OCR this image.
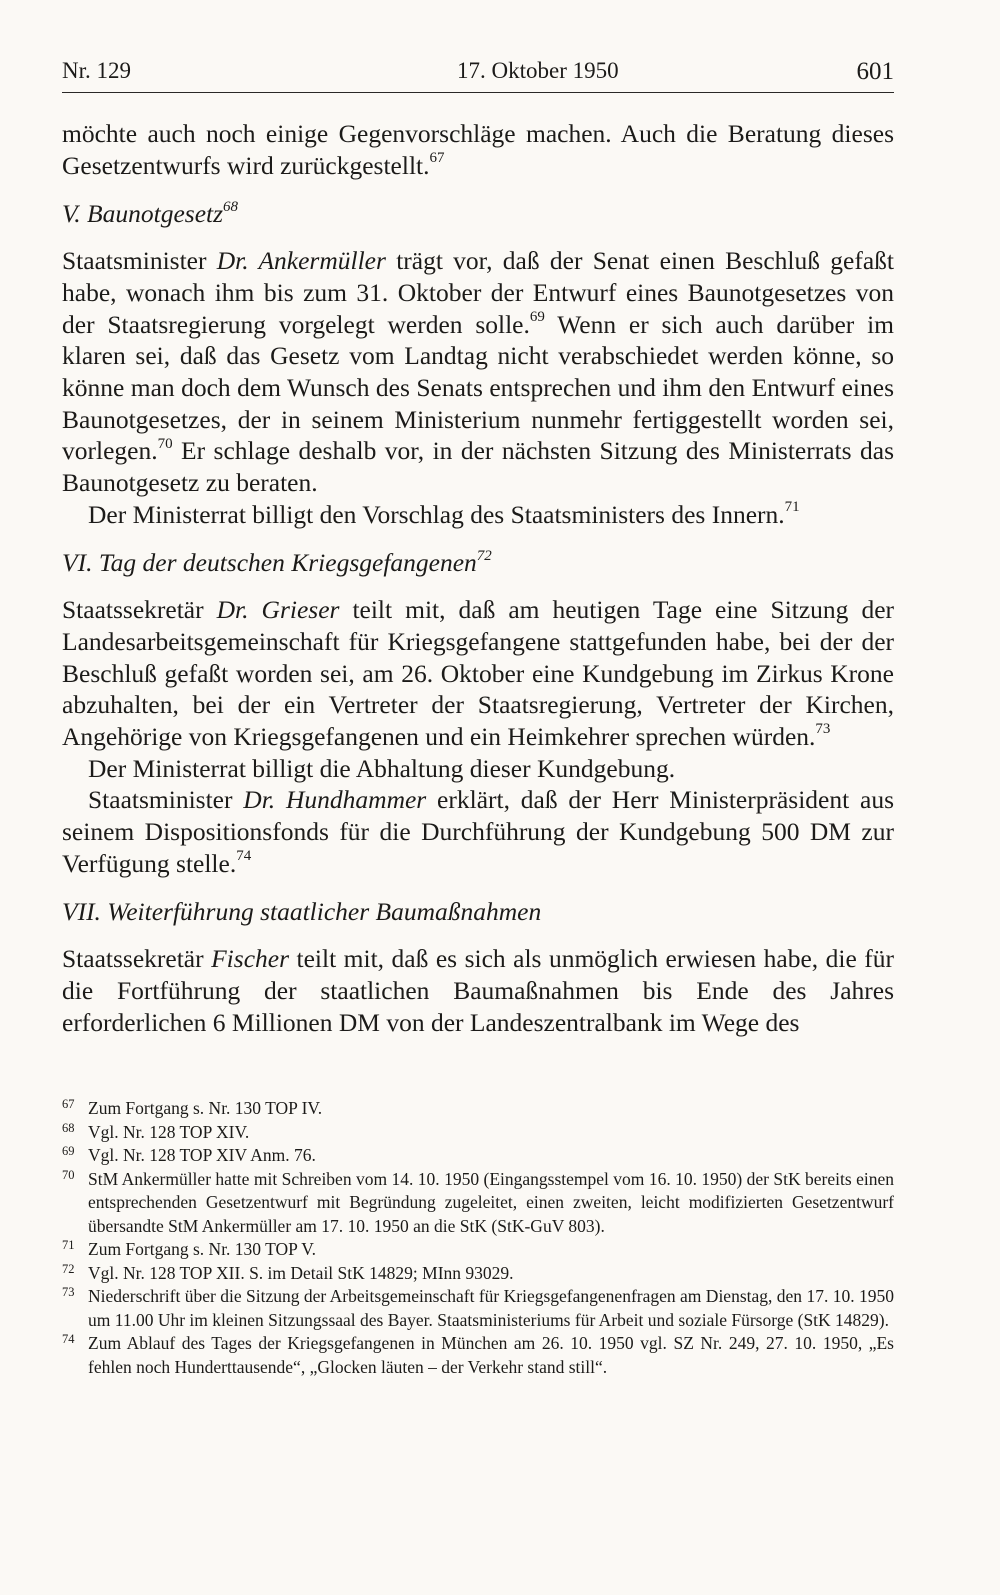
Nr. 129	17. Oktober 1950	601

möchte auch noch einige Gegenvorschläge machen. Auch die Beratung dieses Gesetzentwurfs wird zurückgestellt.$^{67}$

V. Baunotgesetz$^{68}$

Staatsminister Dr. Ankermüller trägt vor, daß der Senat einen Beschluß gefaßt habe, wonach ihm bis zum 31. Oktober der Entwurf eines Baunotgesetzes von der Staatsregierung vorgelegt werden solle.$^{69}$ Wenn er sich auch darüber im klaren sei, daß das Gesetz vom Landtag nicht verabschiedet werden könne, so könne man doch dem Wunsch des Senats entsprechen und ihm den Entwurf eines Baunotgesetzes, der in seinem Ministerium nunmehr fertiggestellt worden sei, vorlegen.$^{70}$ Er schlage deshalb vor, in der nächsten Sitzung des Ministerrats das Baunotgesetz zu beraten.

Der Ministerrat billigt den Vorschlag des Staatsministers des Innern.$^{71}$

VI. Tag der deutschen Kriegsgefangenen$^{72}$

Staatssekretär Dr. Grieser teilt mit, daß am heutigen Tage eine Sitzung der Landesarbeitsgemeinschaft für Kriegsgefangene stattgefunden habe, bei der der Beschluß gefaßt worden sei, am 26. Oktober eine Kundgebung im Zirkus Krone abzuhalten, bei der ein Vertreter der Staatsregierung, Vertreter der Kirchen, Angehörige von Kriegsgefangenen und ein Heimkehrer sprechen würden.$^{73}$

Der Ministerrat billigt die Abhaltung dieser Kundgebung.

Staatsminister Dr. Hundhammer erklärt, daß der Herr Ministerpräsident aus seinem Dispositionsfonds für die Durchführung der Kundgebung 500 DM zur Verfügung stelle.$^{74}$

VII. Weiterführung staatlicher Baumaßnahmen

Staatssekretär Fischer teilt mit, daß es sich als unmöglich erwiesen habe, die für die Fortführung der staatlichen Baumaßnahmen bis Ende des Jahres erforderlichen 6 Millionen DM von der Landeszentralbank im Wege des

67 Zum Fortgang s. Nr. 130 TOP IV.
68 Vgl. Nr. 128 TOP XIV.
69 Vgl. Nr. 128 TOP XIV Anm. 76.
70 StM Ankermüller hatte mit Schreiben vom 14. 10. 1950 (Eingangsstempel vom 16. 10. 1950) der StK bereits einen entsprechenden Gesetzentwurf mit Begründung zugeleitet, einen zweiten, leicht modifizierten Gesetzentwurf übersandte StM Ankermüller am 17. 10. 1950 an die StK (StK-GuV 803).
71 Zum Fortgang s. Nr. 130 TOP V.
72 Vgl. Nr. 128 TOP XII. S. im Detail StK 14829; MInn 93029.
73 Niederschrift über die Sitzung der Arbeitsgemeinschaft für Kriegsgefangenenfragen am Dienstag, den 17. 10. 1950 um 11.00 Uhr im kleinen Sitzungssaal des Bayer. Staatsministeriums für Arbeit und soziale Fürsorge (StK 14829).
74 Zum Ablauf des Tages der Kriegsgefangenen in München am 26. 10. 1950 vgl. SZ Nr. 249, 27. 10. 1950, „Es fehlen noch Hunderttausende“, „Glocken läuten – der Verkehr stand still“.
